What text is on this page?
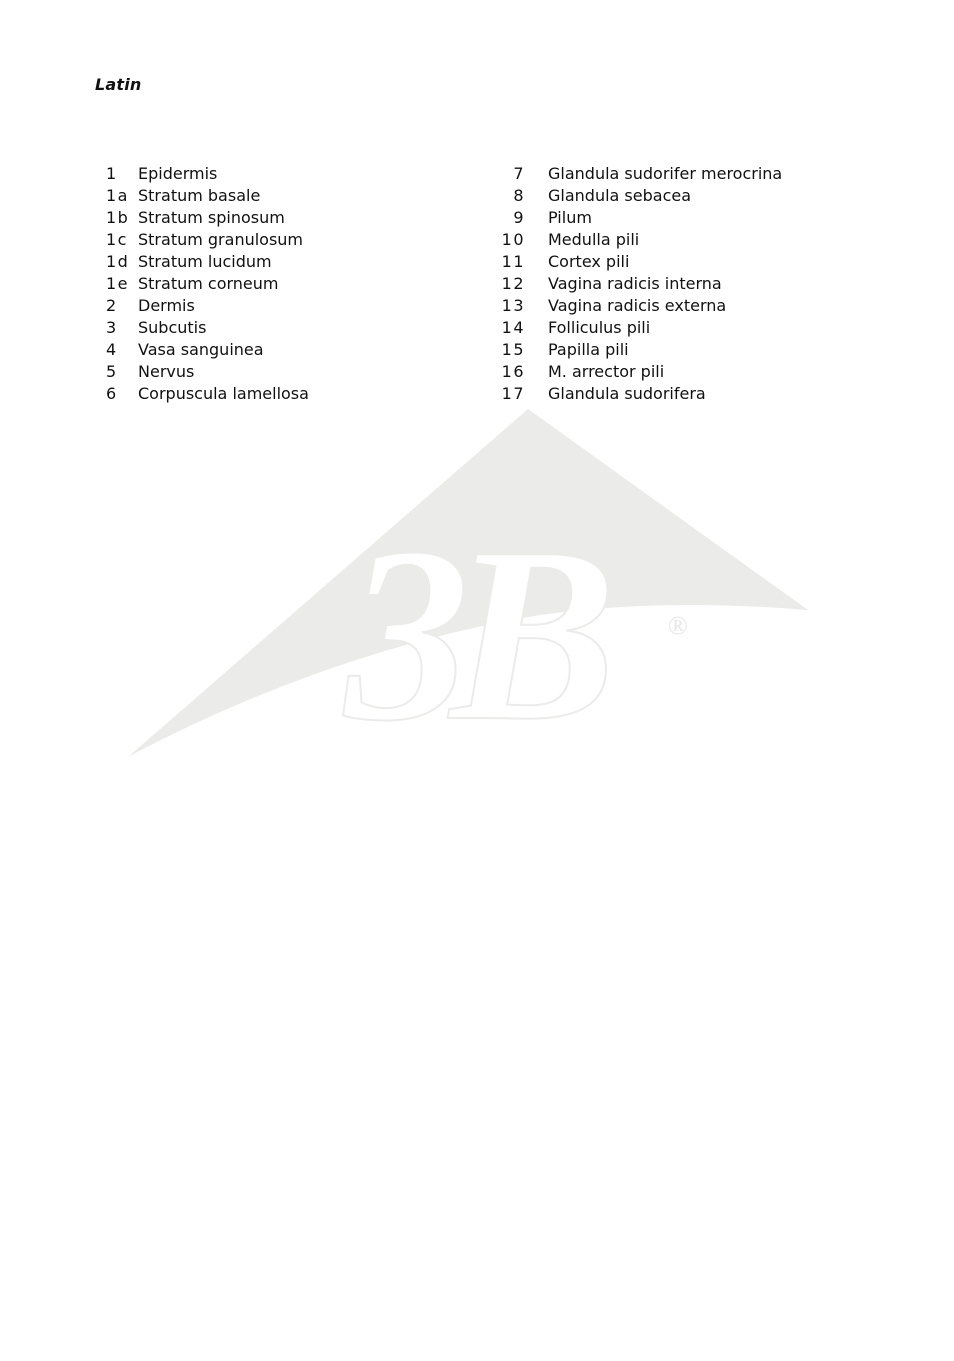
3B	®
Latin
1	Epidermis
1a Stratum basale
1b Stratum spinosum
1c Stratum granulosum
1d Stratum lucidum
1e Stratum corneum
2	Dermis
3	Subcutis
4	Vasa sanguinea
5	Nervus
6	Corpuscula lamellosa
7 Glandula sudorifer merocrina
8 Glandula sebacea
9 Pilum
10 Medulla pili
11 Cortex pili
12 Vagina radicis interna
13 Vagina radicis externa
14 Folliculus pili
15 Papilla pili
16 M. arrector pili
17 Glandula sudorifera
